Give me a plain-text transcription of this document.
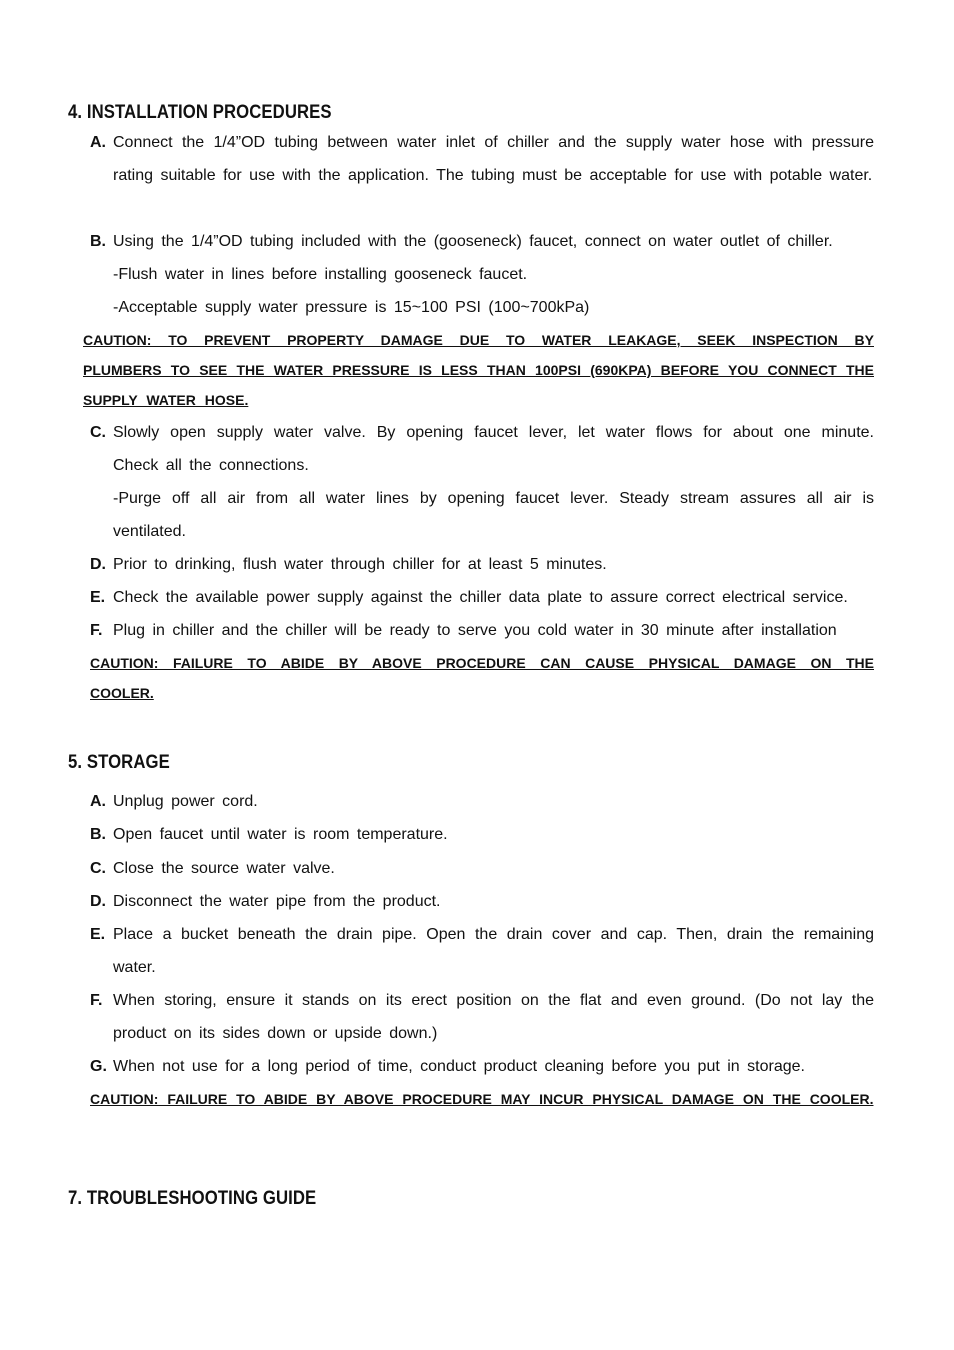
4. INSTALLATION PROCEDURES
A. Connect the 1/4”OD tubing between water inlet of chiller and the supply water hose with pressure rating suitable for use with the application. The tubing must be acceptable for use with potable water.
B. Using the 1/4”OD tubing included with the (gooseneck) faucet, connect on water outlet of chiller.
-Flush water in lines before installing gooseneck faucet.
-Acceptable supply water pressure is 15~100 PSI (100~700kPa)
CAUTION: TO PREVENT PROPERTY DAMAGE DUE TO WATER LEAKAGE, SEEK INSPECTION BY PLUMBERS TO SEE THE WATER PRESSURE IS LESS THAN 100PSI (690KPA) BEFORE YOU CONNECT THE SUPPLY WATER HOSE.
C. Slowly open supply water valve. By opening faucet lever, let water flows for about one minute. Check all the connections.
-Purge off all air from all water lines by opening faucet lever. Steady stream assures all air is ventilated.
D. Prior to drinking, flush water through chiller for at least 5 minutes.
E. Check the available power supply against the chiller data plate to assure correct electrical service.
F. Plug in chiller and the chiller will be ready to serve you cold water in 30 minute after installation
CAUTION: FAILURE TO ABIDE BY ABOVE PROCEDURE CAN CAUSE PHYSICAL DAMAGE ON THE COOLER.
5. STORAGE
A. Unplug power cord.
B. Open faucet until water is room temperature.
C. Close the source water valve.
D. Disconnect the water pipe from the product.
E. Place a bucket beneath the drain pipe. Open the drain cover and cap. Then, drain the remaining water.
F. When storing, ensure it stands on its erect position on the flat and even ground. (Do not lay the product on its sides down or upside down.)
G. When not use for a long period of time, conduct product cleaning before you put in storage.
CAUTION: FAILURE TO ABIDE BY ABOVE PROCEDURE MAY INCUR PHYSICAL DAMAGE ON THE COOLER.
7. TROUBLESHOOTING GUIDE
